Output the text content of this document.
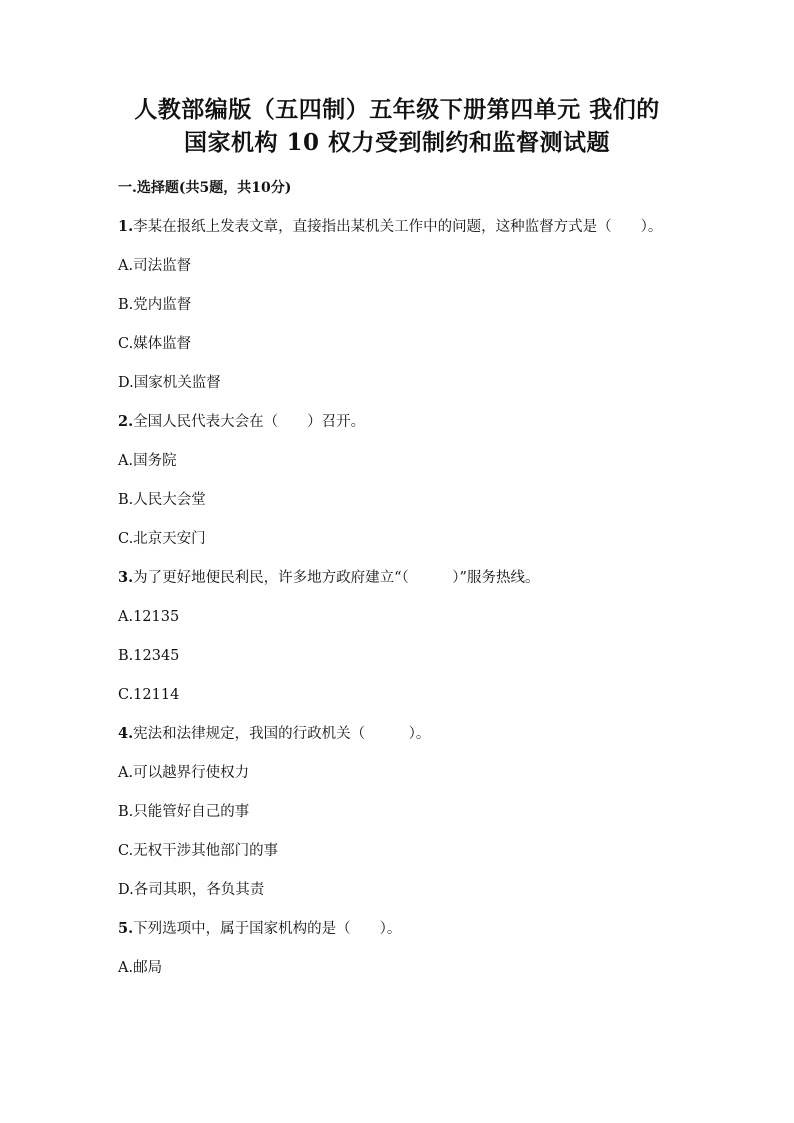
人教部编版（五四制）五年级下册第四单元 我们的
国家机构 10 权力受到制约和监督测试题
一.选择题(共5题，共10分)
1.李某在报纸上发表文章，直接指出某机关工作中的问题，这种监督方式是（　　）。
A.司法监督
B.党内监督
C.媒体监督
D.国家机关监督
2.全国人民代表大会在（　　）召开。
A.国务院
B.人民大会堂
C.北京天安门
3.为了更好地便民利民，许多地方政府建立“（　　　）”服务热线。
A.12135
B.12345
C.12114
4.宪法和法律规定，我国的行政机关（　　　）。
A.可以越界行使权力
B.只能管好自己的事
C.无权干涉其他部门的事
D.各司其职，各负其责
5.下列选项中，属于国家机构的是（　　）。
A.邮局
